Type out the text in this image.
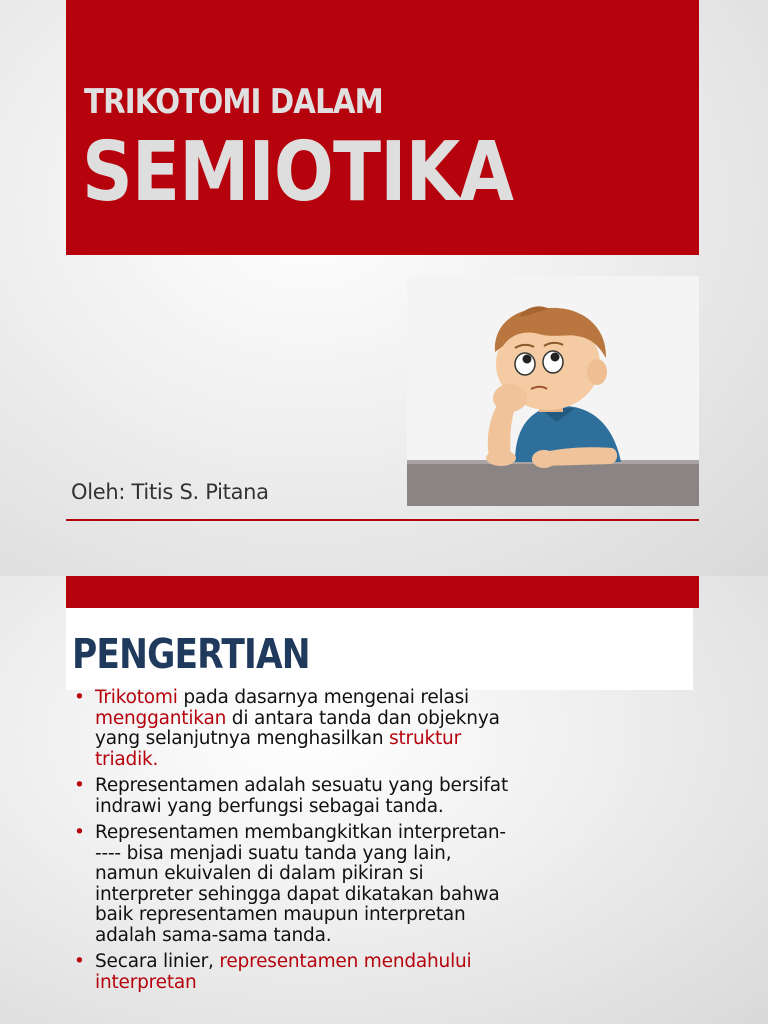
TRIKOTOMI DALAM
SEMIOTIKA
Oleh: Titis S. Pitana
PENGERTIAN
• Trikotomi pada dasarnya mengenai relasi menggantikan di antara tanda dan objeknya yang selanjutnya menghasilkan struktur triadik.
• Representamen adalah sesuatu yang bersifat indrawi yang berfungsi sebagai tanda.
• Representamen membangkitkan interpretan----- bisa menjadi suatu tanda yang lain, namun ekuivalen di dalam pikiran si interpreter sehingga dapat dikatakan bahwa baik representamen maupun interpretan adalah sama-sama tanda.
• Secara linier, representamen mendahului interpretan
